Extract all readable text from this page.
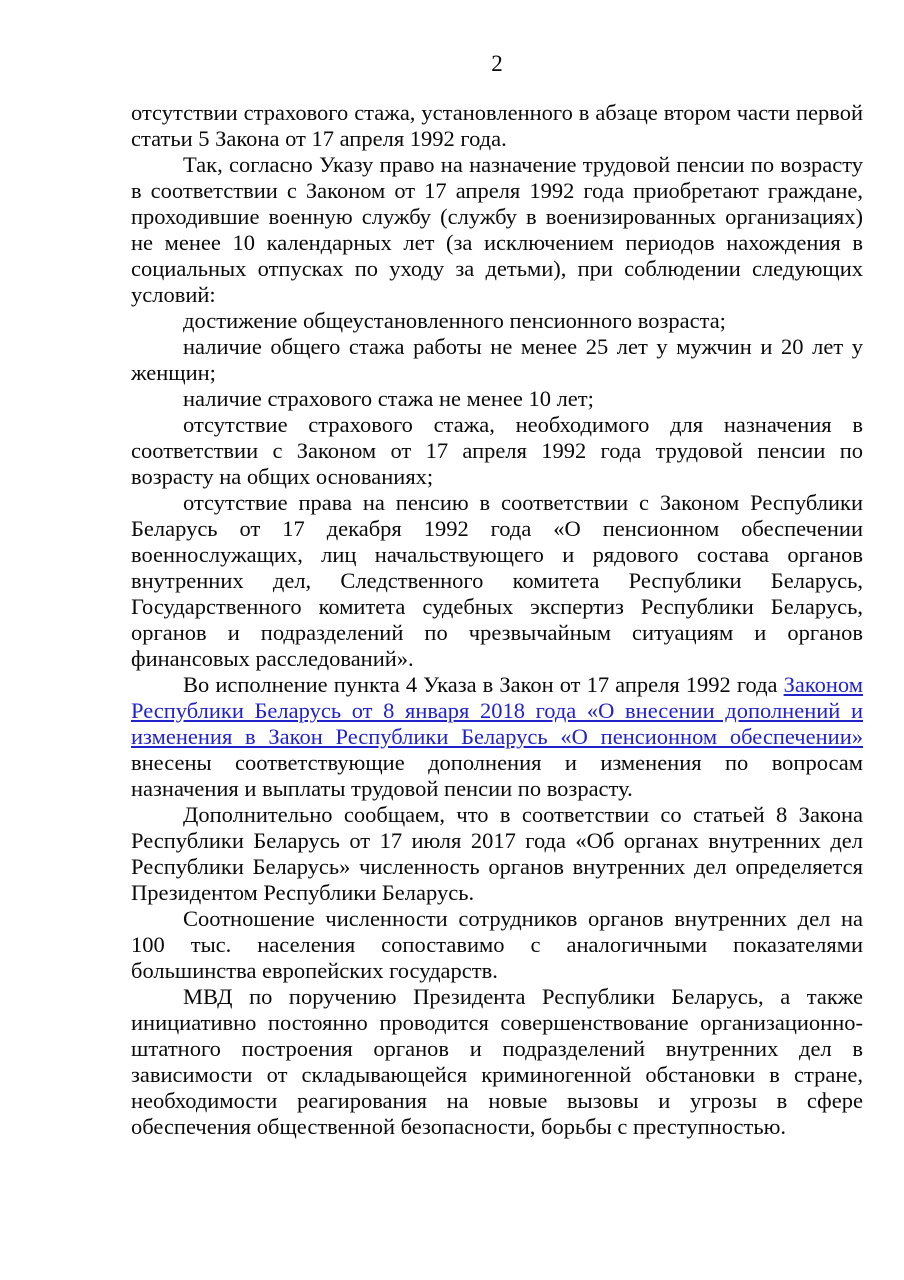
2

отсутствии страхового стажа, установленного в абзаце втором части первой статьи 5 Закона от 17 апреля 1992 года.

Так, согласно Указу право на назначение трудовой пенсии по возрасту в соответствии с Законом от 17 апреля 1992 года приобретают граждане, проходившие военную службу (службу в военизированных организациях) не менее 10 календарных лет (за исключением периодов нахождения в социальных отпусках по уходу за детьми), при соблюдении следующих условий:

достижение общеустановленного пенсионного возраста;

наличие общего стажа работы не менее 25 лет у мужчин и 20 лет у женщин;

наличие страхового стажа не менее 10 лет;

отсутствие страхового стажа, необходимого для назначения в соответствии с Законом от 17 апреля 1992 года трудовой пенсии по возрасту на общих основаниях;

отсутствие права на пенсию в соответствии с Законом Республики Беларусь от 17 декабря 1992 года «О пенсионном обеспечении военнослужащих, лиц начальствующего и рядового состава органов внутренних дел, Следственного комитета Республики Беларусь, Государственного комитета судебных экспертиз Республики Беларусь, органов и подразделений по чрезвычайным ситуациям и органов финансовых расследований».

Во исполнение пункта 4 Указа в Закон от 17 апреля 1992 года Законом Республики Беларусь от 8 января 2018 года «О внесении дополнений и изменения в Закон Республики Беларусь «О пенсионном обеспечении» внесены соответствующие дополнения и изменения по вопросам назначения и выплаты трудовой пенсии по возрасту.

Дополнительно сообщаем, что в соответствии со статьей 8 Закона Республики Беларусь от 17 июля 2017 года «Об органах внутренних дел Республики Беларусь» численность органов внутренних дел определяется Президентом Республики Беларусь.

Соотношение численности сотрудников органов внутренних дел на 100 тыс. населения сопоставимо с аналогичными показателями большинства европейских государств.

МВД по поручению Президента Республики Беларусь, а также инициативно постоянно проводится совершенствование организационно-штатного построения органов и подразделений внутренних дел в зависимости от складывающейся криминогенной обстановки в стране, необходимости реагирования на новые вызовы и угрозы в сфере обеспечения общественной безопасности, борьбы с преступностью.
